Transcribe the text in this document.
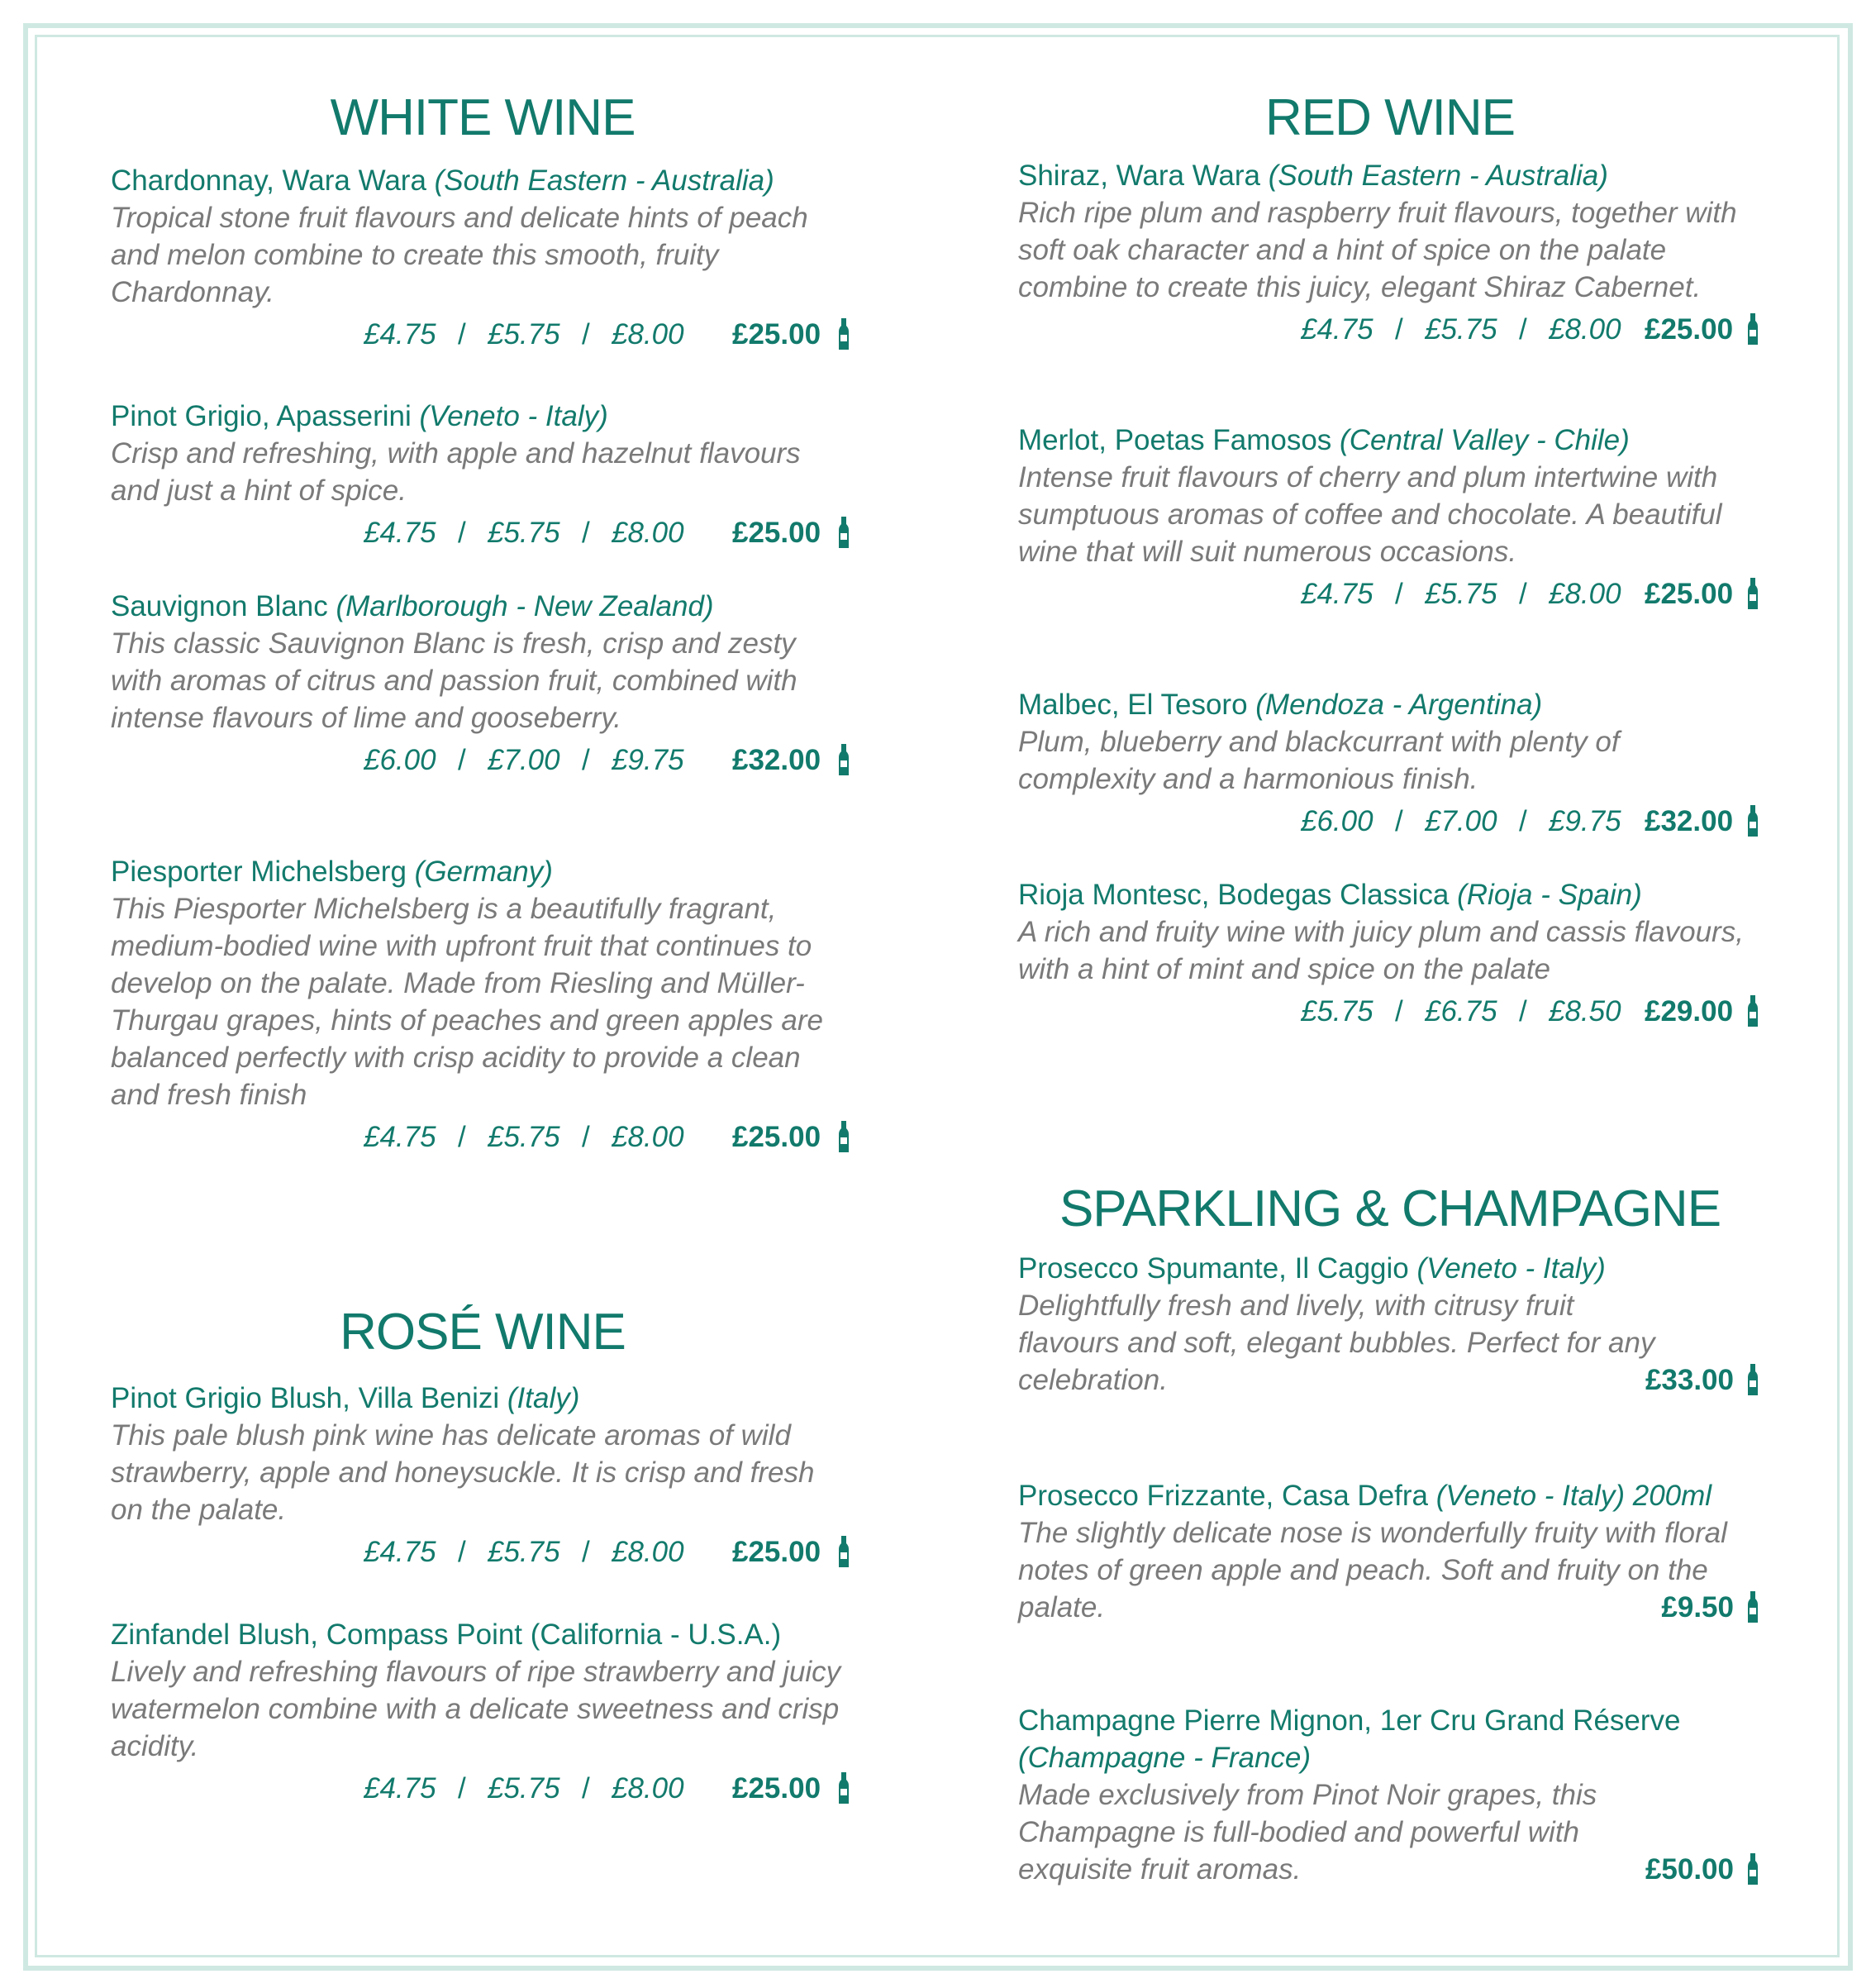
WHITE WINE
Chardonnay, Wara Wara (South Eastern - Australia)

Tropical stone fruit flavours and delicate hints of peach and melon combine to create this smooth, fruity Chardonnay.

£4.75 / £5.75 / £8.00 £25.00
Pinot Grigio, Apasserini (Veneto - Italy)

Crisp and refreshing, with apple and hazelnut flavours and just a hint of spice.

£4.75 / £5.75 / £8.00 £25.00
Sauvignon Blanc (Marlborough - New Zealand)

This classic Sauvignon Blanc is fresh, crisp and zesty with aromas of citrus and passion fruit, combined with intense flavours of lime and gooseberry.

£6.00 / £7.00 / £9.75 £32.00
Piesporter Michelsberg (Germany)

This Piesporter Michelsberg is a beautifully fragrant, medium-bodied wine with upfront fruit that continues to develop on the palate. Made from Riesling and Müller-Thurgau grapes, hints of peaches and green apples are balanced perfectly with crisp acidity to provide a clean and fresh finish

£4.75 / £5.75 / £8.00 £25.00
ROSÉ WINE
Pinot Grigio Blush, Villa Benizi (Italy)

This pale blush pink wine has delicate aromas of wild strawberry, apple and honeysuckle. It is crisp and fresh on the palate.

£4.75 / £5.75 / £8.00 £25.00
Zinfandel Blush, Compass Point (California - U.S.A.)

Lively and refreshing flavours of ripe strawberry and juicy watermelon combine with a delicate sweetness and crisp acidity.

£4.75 / £5.75 / £8.00 £25.00
RED WINE
Shiraz, Wara Wara (South Eastern - Australia)

Rich ripe plum and raspberry fruit flavours, together with soft oak character and a hint of spice on the palate combine to create this juicy, elegant Shiraz Cabernet.

£4.75 / £5.75 / £8.00 £25.00
Merlot, Poetas Famosos (Central Valley - Chile)

Intense fruit flavours of cherry and plum intertwine with sumptuous aromas of coffee and chocolate. A beautiful wine that will suit numerous occasions.

£4.75 / £5.75 / £8.00 £25.00
Malbec, El Tesoro (Mendoza - Argentina)

Plum, blueberry and blackcurrant with plenty of complexity and a harmonious finish.

£6.00 / £7.00 / £9.75 £32.00
Rioja Montesc, Bodegas Classica (Rioja - Spain)

A rich and fruity wine with juicy plum and cassis flavours, with a hint of mint and spice on the palate

£5.75 / £6.75 / £8.50 £29.00
SPARKLING & CHAMPAGNE
Prosecco Spumante, Il Caggio (Veneto - Italy)

Delightfully fresh and lively, with citrusy fruit flavours and soft, elegant bubbles. Perfect for any celebration.	£33.00
Prosecco Frizzante, Casa Defra (Veneto - Italy) 200ml

The slightly delicate nose is wonderfully fruity with floral notes of green apple and peach. Soft and fruity on the palate.	£9.50
Champagne Pierre Mignon, 1er Cru Grand Réserve
(Champagne - France)

Made exclusively from Pinot Noir grapes, this Champagne is full-bodied and powerful with exquisite fruit aromas.	£50.00
